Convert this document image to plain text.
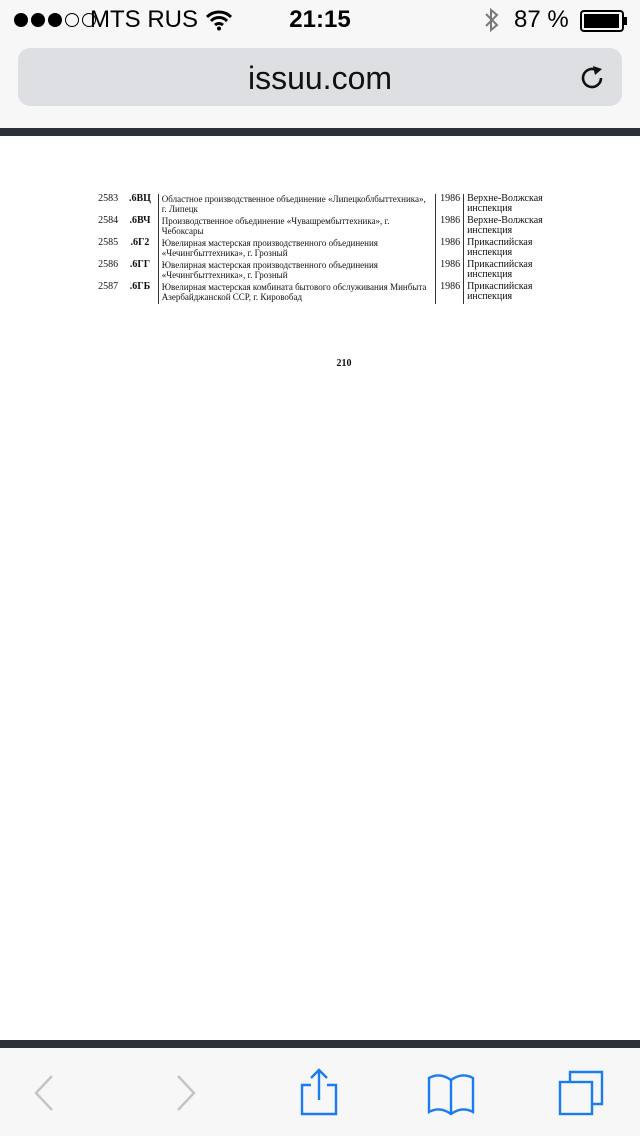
MTS RUS	21:15	87 %
issuu.com
2583	.6ВЦ	Областное производственное объединение «Липецкоблбыттехника», г. Липецк	1986	Верхне-Волжская инспекция
2584	.6ВЧ	Производственное объединение «Чувашрембыттехника», г. Чебоксары	1986	Верхне-Волжская инспекция
2585	.6Г2	Ювелирная мастерская производственного объединения «Чечингбыттехника», г. Грозный	1986	Прикаспийская инспекция
2586	.6ГГ	Ювелирная мастерская производственного объединения «Чечингбыттехника», г. Грозный	1986	Прикаспийская инспекция
2587	.6ГБ	Ювелирная мастерская комбината бытового обслуживания Минбыта Азербайджанской ССР, г. Кировобад	1986	Прикаспийская инспекция
210
